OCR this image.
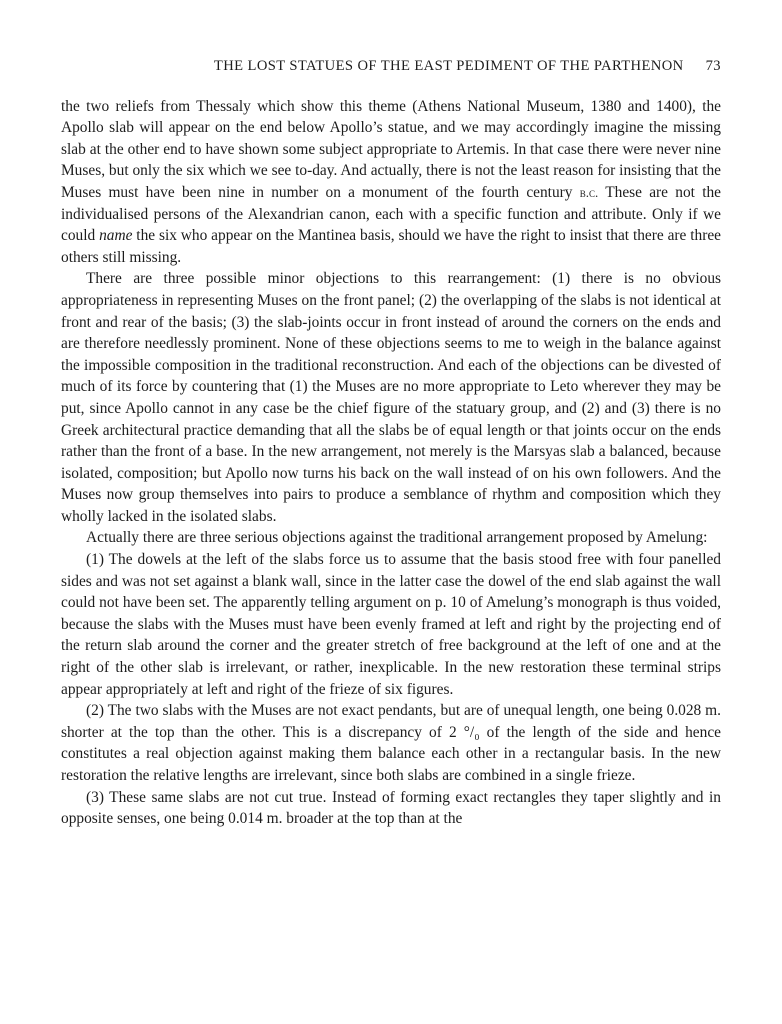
THE LOST STATUES OF THE EAST PEDIMENT OF THE PARTHENON 73

the two reliefs from Thessaly which show this theme (Athens National Museum, 1380 and 1400), the Apollo slab will appear on the end below Apollo’s statue, and we may accordingly imagine the missing slab at the other end to have shown some subject appropriate to Artemis. In that case there were never nine Muses, but only the six which we see to-day. And actually, there is not the least reason for insisting that the Muses must have been nine in number on a monument of the fourth century b.c. These are not the individualised persons of the Alexandrian canon, each with a specific function and attribute. Only if we could name the six who appear on the Mantinea basis, should we have the right to insist that there are three others still missing.

There are three possible minor objections to this rearrangement: (1) there is no obvious appropriateness in representing Muses on the front panel; (2) the overlapping of the slabs is not identical at front and rear of the basis; (3) the slab-joints occur in front instead of around the corners on the ends and are therefore needlessly prominent. None of these objections seems to me to weigh in the balance against the impossible composition in the traditional reconstruction. And each of the objections can be divested of much of its force by countering that (1) the Muses are no more appropriate to Leto wherever they may be put, since Apollo cannot in any case be the chief figure of the statuary group, and (2) and (3) there is no Greek architectural practice demanding that all the slabs be of equal length or that joints occur on the ends rather than the front of a base. In the new arrangement, not merely is the Marsyas slab a balanced, because isolated, composition; but Apollo now turns his back on the wall instead of on his own followers. And the Muses now group themselves into pairs to produce a semblance of rhythm and composition which they wholly lacked in the isolated slabs.

Actually there are three serious objections against the traditional arrangement proposed by Amelung:

(1) The dowels at the left of the slabs force us to assume that the basis stood free with four panelled sides and was not set against a blank wall, since in the latter case the dowel of the end slab against the wall could not have been set. The apparently telling argument on p. 10 of Amelung’s monograph is thus voided, because the slabs with the Muses must have been evenly framed at left and right by the projecting end of the return slab around the corner and the greater stretch of free background at the left of one and at the right of the other slab is irrelevant, or rather, inexplicable. In the new restoration these terminal strips appear appropriately at left and right of the frieze of six figures.

(2) The two slabs with the Muses are not exact pendants, but are of unequal length, one being 0.028 m. shorter at the top than the other. This is a discrepancy of 2 °/₀ of the length of the side and hence constitutes a real objection against making them balance each other in a rectangular basis. In the new restoration the relative lengths are irrelevant, since both slabs are combined in a single frieze.

(3) These same slabs are not cut true. Instead of forming exact rectangles they taper slightly and in opposite senses, one being 0.014 m. broader at the top than at the
